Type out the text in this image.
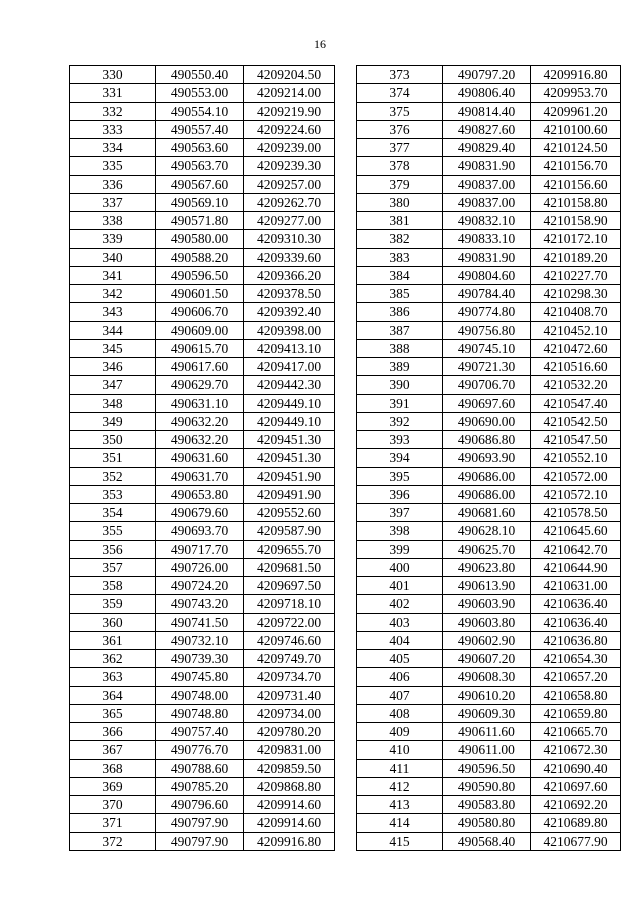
16
330	490550.40	4209204.50
331	490553.00	4209214.00
332	490554.10	4209219.90
333	490557.40	4209224.60
334	490563.60	4209239.00
335	490563.70	4209239.30
336	490567.60	4209257.00
337	490569.10	4209262.70
338	490571.80	4209277.00
339	490580.00	4209310.30
340	490588.20	4209339.60
341	490596.50	4209366.20
342	490601.50	4209378.50
343	490606.70	4209392.40
344	490609.00	4209398.00
345	490615.70	4209413.10
346	490617.60	4209417.00
347	490629.70	4209442.30
348	490631.10	4209449.10
349	490632.20	4209449.10
350	490632.20	4209451.30
351	490631.60	4209451.30
352	490631.70	4209451.90
353	490653.80	4209491.90
354	490679.60	4209552.60
355	490693.70	4209587.90
356	490717.70	4209655.70
357	490726.00	4209681.50
358	490724.20	4209697.50
359	490743.20	4209718.10
360	490741.50	4209722.00
361	490732.10	4209746.60
362	490739.30	4209749.70
363	490745.80	4209734.70
364	490748.00	4209731.40
365	490748.80	4209734.00
366	490757.40	4209780.20
367	490776.70	4209831.00
368	490788.60	4209859.50
369	490785.20	4209868.80
370	490796.60	4209914.60
371	490797.90	4209914.60
372	490797.90	4209916.80
373	490797.20	4209916.80
374	490806.40	4209953.70
375	490814.40	4209961.20
376	490827.60	4210100.60
377	490829.40	4210124.50
378	490831.90	4210156.70
379	490837.00	4210156.60
380	490837.00	4210158.80
381	490832.10	4210158.90
382	490833.10	4210172.10
383	490831.90	4210189.20
384	490804.60	4210227.70
385	490784.40	4210298.30
386	490774.80	4210408.70
387	490756.80	4210452.10
388	490745.10	4210472.60
389	490721.30	4210516.60
390	490706.70	4210532.20
391	490697.60	4210547.40
392	490690.00	4210542.50
393	490686.80	4210547.50
394	490693.90	4210552.10
395	490686.00	4210572.00
396	490686.00	4210572.10
397	490681.60	4210578.50
398	490628.10	4210645.60
399	490625.70	4210642.70
400	490623.80	4210644.90
401	490613.90	4210631.00
402	490603.90	4210636.40
403	490603.80	4210636.40
404	490602.90	4210636.80
405	490607.20	4210654.30
406	490608.30	4210657.20
407	490610.20	4210658.80
408	490609.30	4210659.80
409	490611.60	4210665.70
410	490611.00	4210672.30
411	490596.50	4210690.40
412	490590.80	4210697.60
413	490583.80	4210692.20
414	490580.80	4210689.80
415	490568.40	4210677.90
